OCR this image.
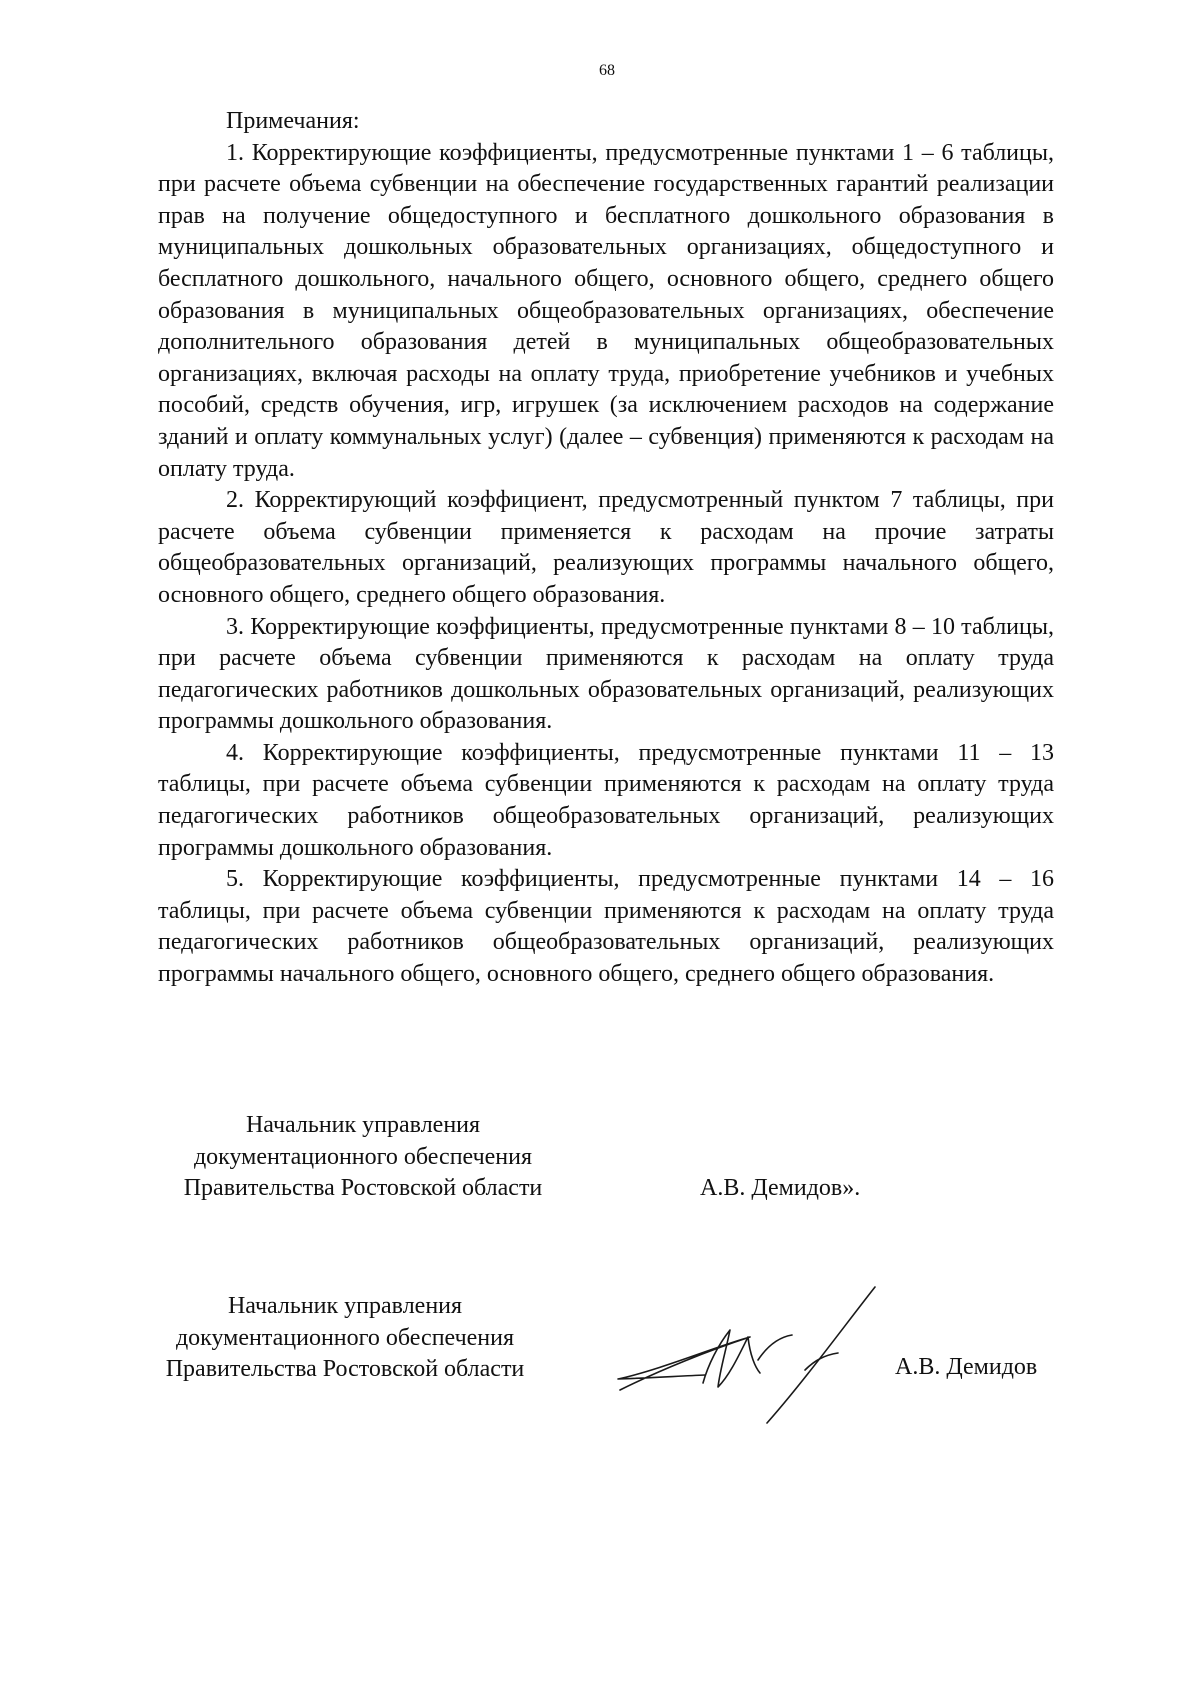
68

Примечания:

1. Корректирующие коэффициенты, предусмотренные пунктами 1 – 6 таблицы, при расчете объема субвенции на обеспечение государственных гарантий реализации прав на получение общедоступного и бесплатного дошкольного образования в муниципальных дошкольных образовательных организациях, общедоступного и бесплатного дошкольного, начального общего, основного общего, среднего общего образования в муниципальных общеобразовательных организациях, обеспечение дополнительного образования детей в муниципальных общеобразовательных организациях, включая расходы на оплату труда, приобретение учебников и учебных пособий, средств обучения, игр, игрушек (за исключением расходов на содержание зданий и оплату коммунальных услуг) (далее – субвенция) применяются к расходам на оплату труда.

2. Корректирующий коэффициент, предусмотренный пунктом 7 таблицы, при расчете объема субвенции применяется к расходам на прочие затраты общеобразовательных организаций, реализующих программы начального общего, основного общего, среднего общего образования.

3. Корректирующие коэффициенты, предусмотренные пунктами 8 – 10 таблицы, при расчете объема субвенции применяются к расходам на оплату труда педагогических работников дошкольных образовательных организаций, реализующих программы дошкольного образования.

4. Корректирующие коэффициенты, предусмотренные пунктами 11 – 13 таблицы, при расчете объема субвенции применяются к расходам на оплату труда педагогических работников общеобразовательных организаций, реализующих программы дошкольного образования.

5. Корректирующие коэффициенты, предусмотренные пунктами 14 – 16 таблицы, при расчете объема субвенции применяются к расходам на оплату труда педагогических работников общеобразовательных организаций, реализующих программы начального общего, основного общего, среднего общего образования.

Начальник управления
документационного обеспечения
Правительства Ростовской области	А.В. Демидов».
Начальник управления
документационного обеспечения
Правительства Ростовской области	А.В. Демидов
